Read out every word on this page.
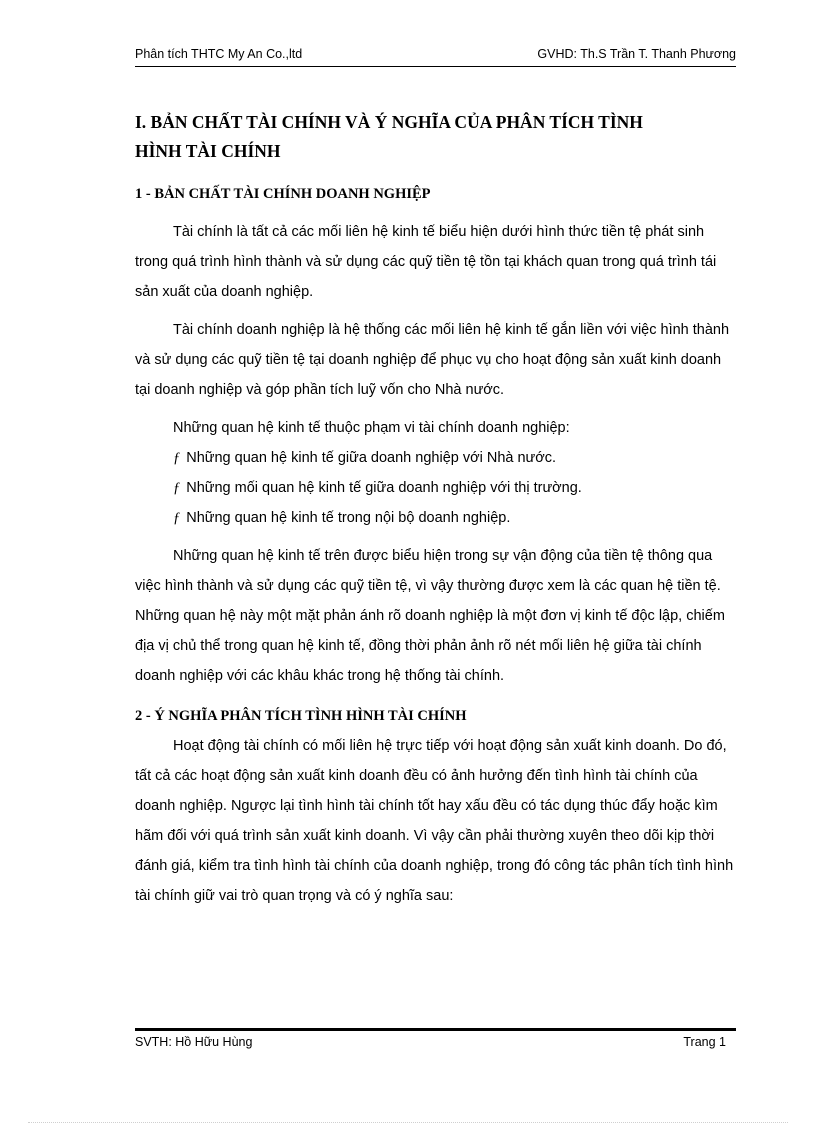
Phân tích THTC My An Co.,ltd	GVHD: Th.S Trần T. Thanh Phương
I. BẢN CHẤT TÀI CHÍNH VÀ Ý NGHĨA CỦA PHÂN TÍCH TÌNH
HÌNH TÀI CHÍNH
1 - BẢN CHẤT TÀI CHÍNH DOANH NGHIỆP

Tài chính là tất cả các mối liên hệ kinh tế biểu hiện dưới hình thức tiền tệ phát sinh trong quá trình hình thành và sử dụng các quỹ tiền tệ tồn tại khách quan trong quá trình tái sản xuất của doanh nghiệp.

Tài chính doanh nghiệp là hệ thống các mối liên hệ kinh tế gắn liền với việc hình thành và sử dụng các quỹ tiền tệ tại doanh nghiệp để phục vụ cho hoạt động sản xuất kinh doanh tại doanh nghiệp và góp phần tích luỹ vốn cho Nhà nước.

Những quan hệ kinh tế thuộc phạm vi tài chính doanh nghiệp:

ƒ Những quan hệ kinh tế giữa doanh nghiệp với Nhà nước.
ƒ Những mối quan hệ kinh tế giữa doanh nghiệp với thị trường.
ƒ Những quan hệ kinh tế trong nội bộ doanh nghiệp.

Những quan hệ kinh tế trên được biểu hiện trong sự vận động của tiền tệ thông qua việc hình thành và sử dụng các quỹ tiền tệ, vì vậy thường được xem là các quan hệ tiền tệ. Những quan hệ này một mặt phản ánh rõ doanh nghiệp là một đơn vị kinh tế độc lập, chiếm địa vị chủ thể trong quan hệ kinh tế, đồng thời phản ảnh rõ nét mối liên hệ giữa tài chính doanh nghiệp với các khâu khác trong hệ thống tài chính.

2 - Ý NGHĨA PHÂN TÍCH TÌNH HÌNH TÀI CHÍNH

Hoạt động tài chính có mối liên hệ trực tiếp với hoạt động sản xuất kinh doanh. Do đó, tất cả các hoạt động sản xuất kinh doanh đều có ảnh hưởng đến tình hình tài chính của doanh nghiệp. Ngược lại tình hình tài chính tốt hay xấu đều có tác dụng thúc đẩy hoặc kìm hãm đối với quá trình sản xuất kinh doanh. Vì vậy cần phải thường xuyên theo dõi kịp thời đánh giá, kiểm tra tình hình tài chính của doanh nghiệp, trong đó công tác phân tích tình hình tài chính giữ vai trò quan trọng và có ý nghĩa sau:

SVTH: Hồ Hữu Hùng	Trang 1
